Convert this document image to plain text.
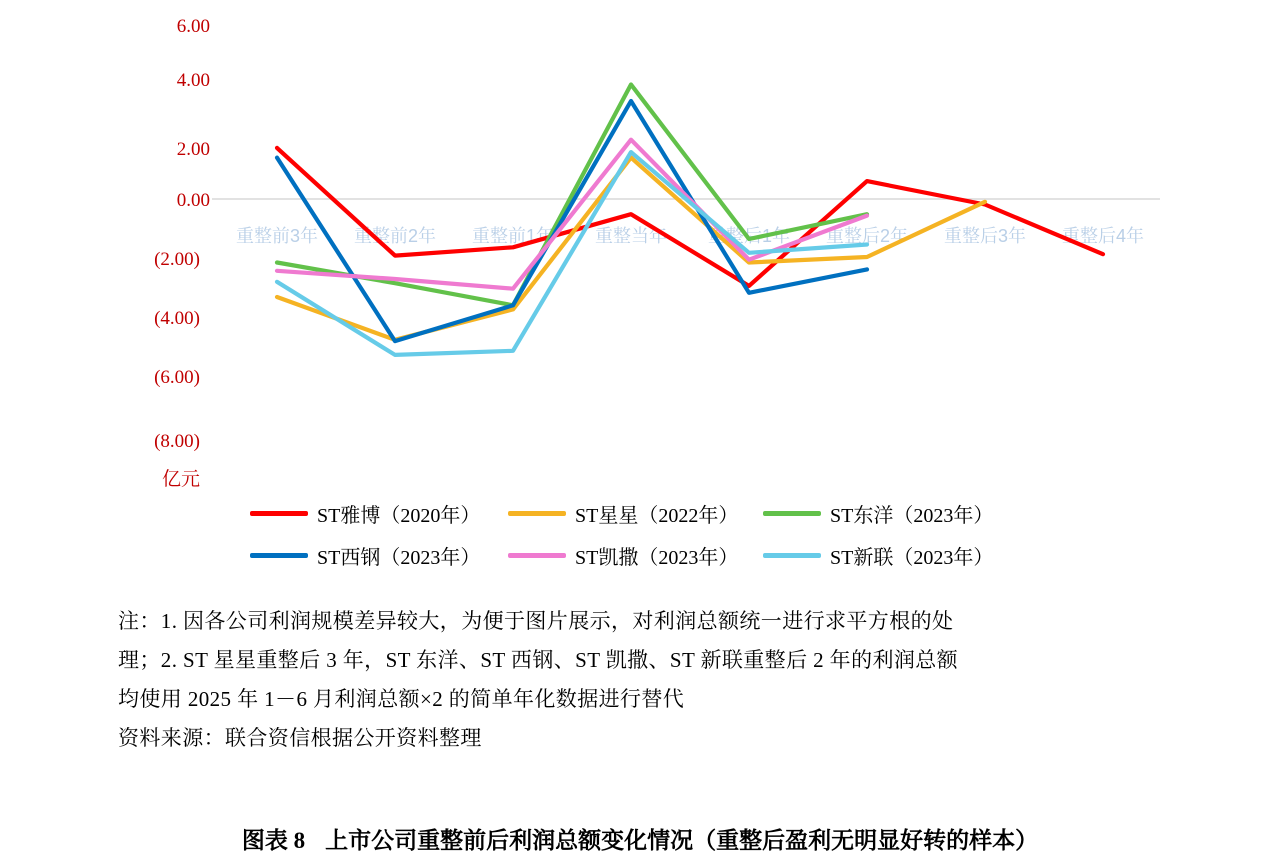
6.00
4.00
2.00
0.00
(2.00)
(4.00)
(6.00)
(8.00)
亿元
重整前3年 重整前2年 重整前1年 重整当年 重整后1年 重整后2年 重整后3年 重整后4年
ST雅博（2020年）	ST星星（2022年）	ST东洋（2023年）
ST西钢（2023年）	ST凯撒（2023年）	ST新联（2023年）
注：1. 因各公司利润规模差异较大，为便于图片展示，对利润总额统一进行求平方根的处
理；2. ST 星星重整后 3 年，ST 东洋、ST 西钢、ST 凯撒、ST 新联重整后 2 年的利润总额
均使用 2025 年 1－6 月利润总额×2 的简单年化数据进行替代
资料来源：联合资信根据公开资料整理
图表 8 上市公司重整前后利润总额变化情况（重整后盈利无明显好转的样本）
